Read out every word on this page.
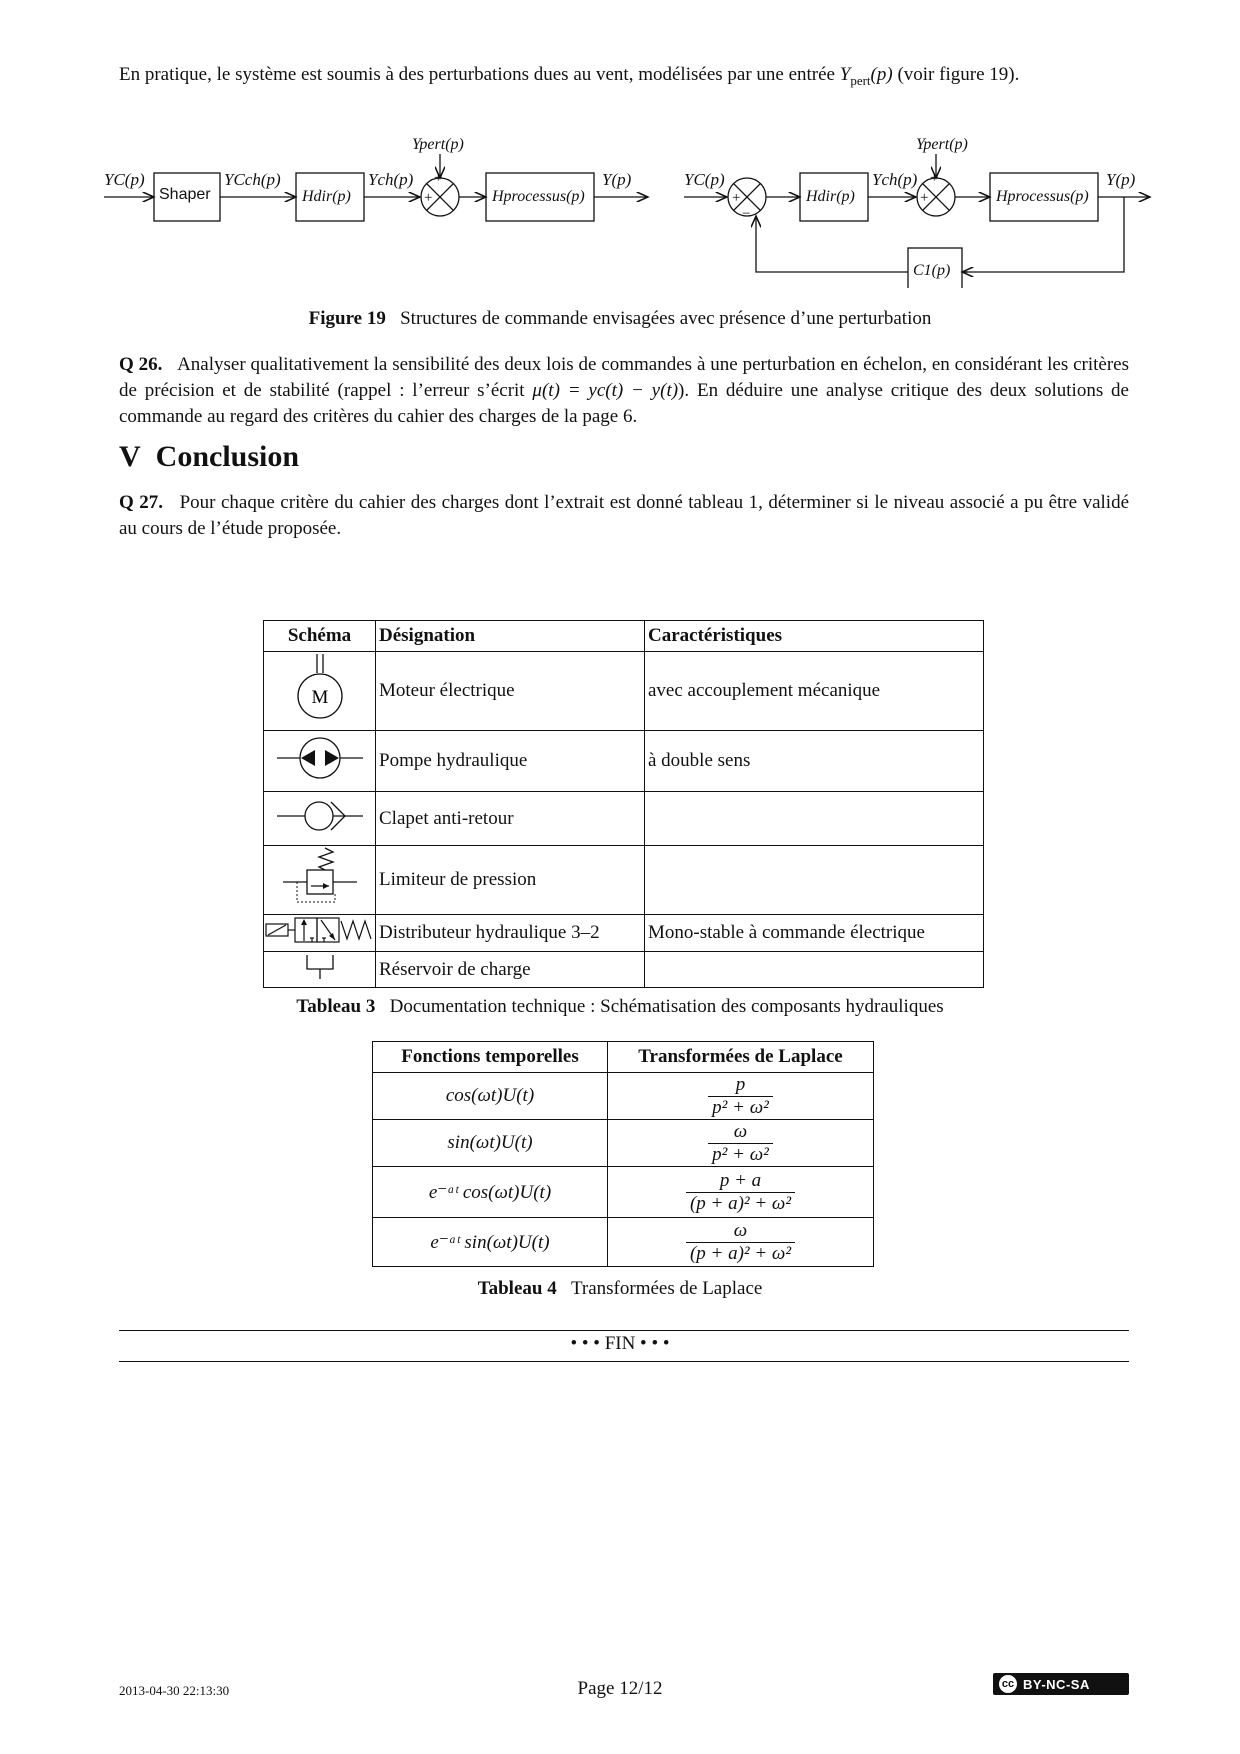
En pratique, le système est soumis à des perturbations dues au vent, modélisées par une entrée $Y_{pert}(p)$ (voir figure 19).
+
+
+
−
+
+
YC(p)
Shaper
YCch(p)
Hdir(p)
Ych(p)
Ypert(p)
Hprocessus(p)
Y(p)	YC(p)
Hdir(p)
Ych(p)
Ypert(p)
Hprocessus(p)
Y(p)
C1(p)
Figure 19 Structures de commande envisagées avec présence d’une perturbation
Q 26. Analyser qualitativement la sensibilité des deux lois de commandes à une perturbation en échelon, en considérant les critères de précision et de stabilité (rappel : l’erreur s’écrit μ(t) = yc(t) − y(t)). En déduire une analyse critique des deux solutions de commande au regard des critères du cahier des charges de la page 6.
V Conclusion
Q 27. Pour chaque critère du cahier des charges dont l’extrait est donné tableau 1, déterminer si le niveau associé a pu être validé au cours de l’étude proposée.
Schéma	Désignation	Caractéristiques

M	Moteur électrique	avec accouplement mécanique
	Pompe hydraulique	à double sens
	Clapet anti-retour	
	Limiteur de pression	
	Distributeur hydraulique 3–2	Mono-stable à commande électrique
	Réservoir de charge	
Tableau 3 Documentation technique : Schématisation des composants hydrauliques
Fonctions temporelles	Transformées de Laplace
cos(ωt)U(t)	$\frac{p}{\text{p² + ω²}}$

sin(ωt)U(t)	$\frac{\omega}{\text{p² + ω²}}$

e⁻ᵃᵗ cos(ωt)U(t)	$\frac{p + a}{\text{(p + a)² + ω²}}$

e⁻ᵃᵗ sin(ωt)U(t)	$\frac{\omega}{\text{(p + a)² + ω²}}$
Tableau 4 Transformées de Laplace
• • • FIN • • •
2013-04-30 22:13:30	Page 12/12	cc BY-NC-SA
